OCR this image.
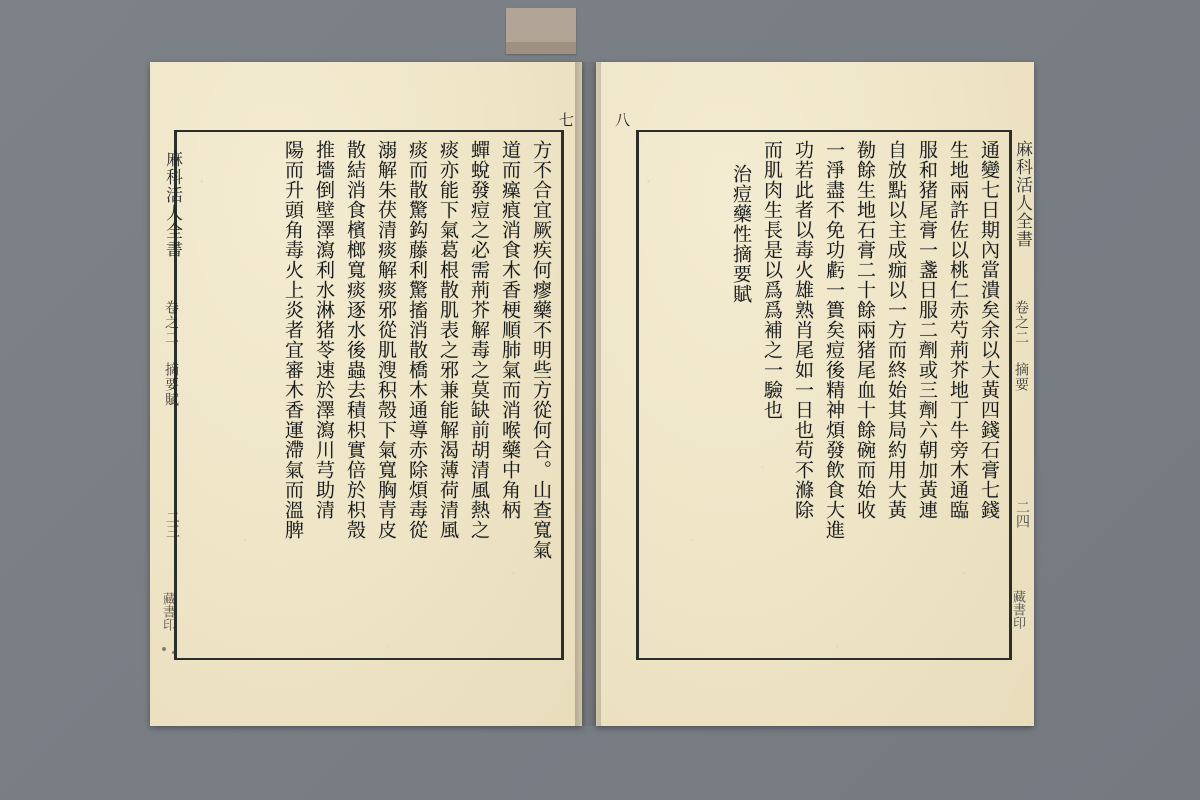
方不合宜厥疾何瘳藥不明些方從何合。山查寬氣
道而㿋㾗消食木香梗順肺氣而消喉藥中角柄
蟬蛻發痘之必需荊芥解毒之莫缺前胡清風熱之
痰亦能下氣葛根散肌表之邪兼能解渴薄荷清風
痰而散驚鈎藤利驚搐消散橋木通導赤除煩毒從
溺解朱茯清痰解痰邪從肌溲积殼下氣寬胸青皮
散結消食檳榔寬痰逐水後蟲去積枳實倍於枳殼
推墻倒壁澤瀉利水淋猪苓速於澤瀉川芎助清
陽而升頭角毒火上炎者宜審木香運滯氣而溫脾	通變七日期內當潰矣余以大黃四錢石膏七錢
生地兩許佐以桃仁赤芍荊芥地丁牛旁木通臨
服和猪尾膏一盞日服二劑或三劑六朝加黃連
自放點以主成痂以一方而終始其局約用大黃
勌餘生地石膏二十餘兩猪尾血十餘碗而始收
一淨盡不免功虧一簣矣痘後精神煩發飲食大進
功若此者以毒火雄熟肖尾如一日也苟不滌除
而肌肉生長是以爲爲補之一驗也
治痘藥性摘要賦
麻科活人全書
卷之二 摘要賦
二三
藏書印
麻科活人全書
卷之二 摘要
二四
藏書印
七	八
